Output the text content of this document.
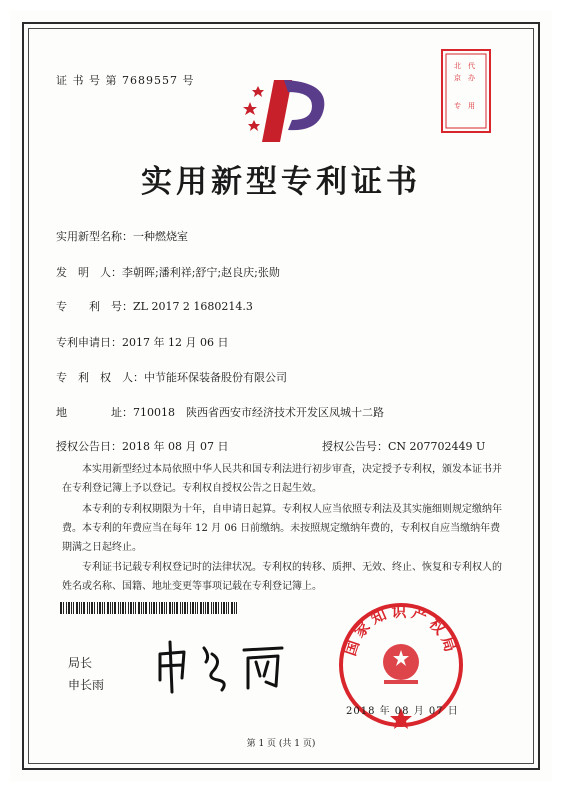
证 书 号 第 7689557 号
北
京
代
办
专 用
实用新型专利证书
实用新型名称：一种燃烧室
发　明　人：李朝晖;潘利祥;舒宁;赵良庆;张勋
专　　利　号：ZL 2017 2 1680214.3
专利申请日：2017 年 12 月 06 日
专　利　权　人：中节能环保装备股份有限公司
地　　　　址：710018　陕西省西安市经济技术开发区凤城十二路
授权公告日：2018 年 08 月 07 日	授权公告号：CN 207702449 U
本实用新型经过本局依照中华人民共和国专利法进行初步审查，决定授予专利权，颁发本证书并在专利登记簿上予以登记。专利权自授权公告之日起生效。
本专利的专利权期限为十年，自申请日起算。专利权人应当依照专利法及其实施细则规定缴纳年费。本专利的年费应当在每年 12 月 06 日前缴纳。未按照规定缴纳年费的，专利权自应当缴纳年费期满之日起终止。
专利证书记载专利权登记时的法律状况。专利权的转移、质押、无效、终止、恢复和专利权人的姓名或名称、国籍、地址变更等事项记载在专利登记簿上。
局长
申长雨
国家知识产权局
2018 年 08 月 07 日
第 1 页 (共 1 页)
